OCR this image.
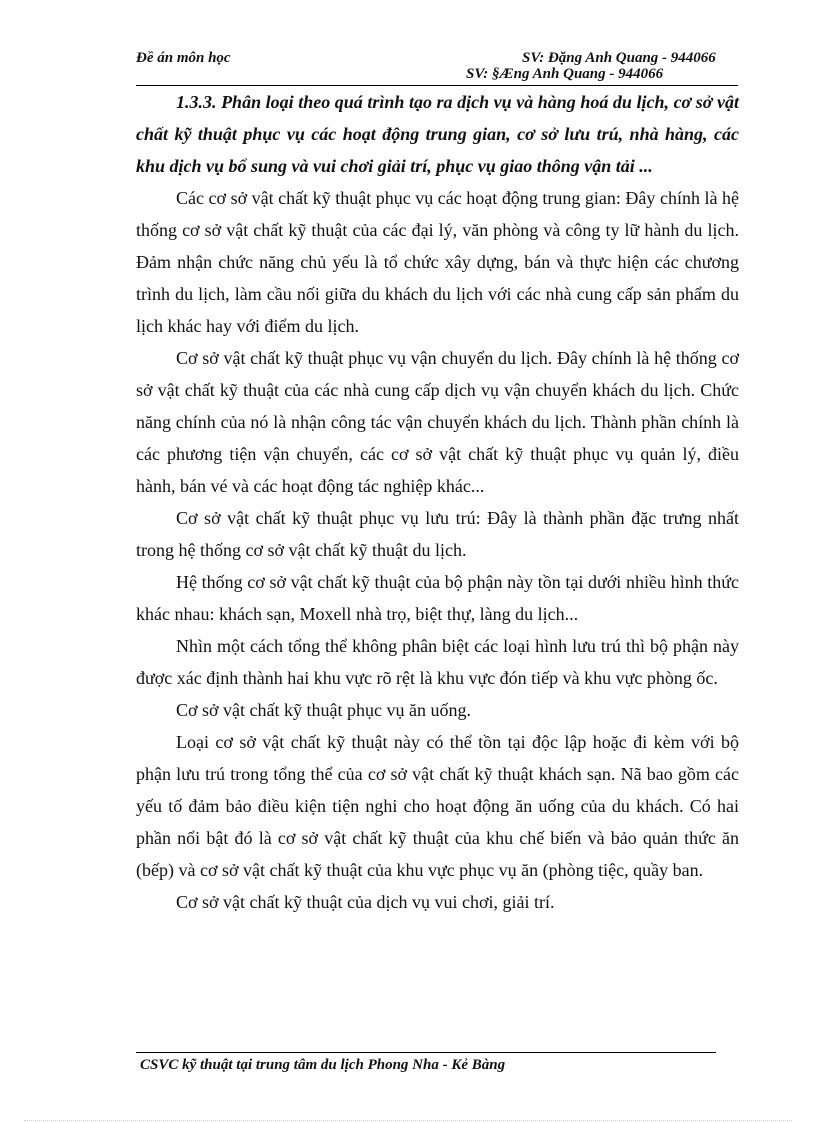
Đề án môn học	SV: Đặng Anh Quang - 944066
SV: §Æng Anh Quang - 944066

1.3.3. Phân loại theo quá trình tạo ra dịch vụ và hàng hoá du lịch, cơ sở vật chất kỹ thuật phục vụ các hoạt động trung gian, cơ sở lưu trú, nhà hàng, các khu dịch vụ bổ sung và vui chơi giải trí, phục vụ giao thông vận tải ...

Các cơ sở vật chất kỹ thuật phục vụ các hoạt động trung gian: Đây chính là hệ thống cơ sở vật chất kỹ thuật của các đại lý, văn phòng và công ty lữ hành du lịch. Đảm nhận chức năng chủ yếu là tổ chức xây dựng, bán và thực hiện các chương trình du lịch, làm cầu nối giữa du khách du lịch với các nhà cung cấp sản phẩm du lịch khác hay với điểm du lịch.

Cơ sở vật chất kỹ thuật phục vụ vận chuyển du lịch. Đây chính là hệ thống cơ sở vật chất kỹ thuật của các nhà cung cấp dịch vụ vận chuyển khách du lịch. Chức năng chính của nó là nhận công tác vận chuyển khách du lịch. Thành phần chính là các phương tiện vận chuyển, các cơ sở vật chất kỹ thuật phục vụ quản lý, điều hành, bán vé và các hoạt động tác nghiệp khác...

Cơ sở vật chất kỹ thuật phục vụ lưu trú: Đây là thành phần đặc trưng nhất trong hệ thống cơ sở vật chất kỹ thuật du lịch.

Hệ thống cơ sở vật chất kỹ thuật của bộ phận này tồn tại dưới nhiều hình thức khác nhau: khách sạn, Moxell nhà trọ, biệt thự, làng du lịch...

Nhìn một cách tổng thể không phân biệt các loại hình lưu trú thì bộ phận này được xác định thành hai khu vực rõ rệt là khu vực đón tiếp và khu vực phòng ốc.

Cơ sở vật chất kỹ thuật phục vụ ăn uống.

Loại cơ sở vật chất kỹ thuật này có thể tồn tại độc lập hoặc đi kèm với bộ phận lưu trú trong tổng thể của cơ sở vật chất kỹ thuật khách sạn. Nã bao gồm các yếu tố đảm bảo điều kiện tiện nghi cho hoạt động ăn uống của du khách. Có hai phần nổi bật đó là cơ sở vật chất kỹ thuật của khu chế biến và bảo quản thức ăn (bếp) và cơ sở vật chất kỹ thuật của khu vực phục vụ ăn (phòng tiệc, quầy ban.

Cơ sở vật chất kỹ thuật của dịch vụ vui chơi, giải trí.

CSVC kỹ thuật tại trung tâm du lịch Phong Nha - Kẻ Bàng
